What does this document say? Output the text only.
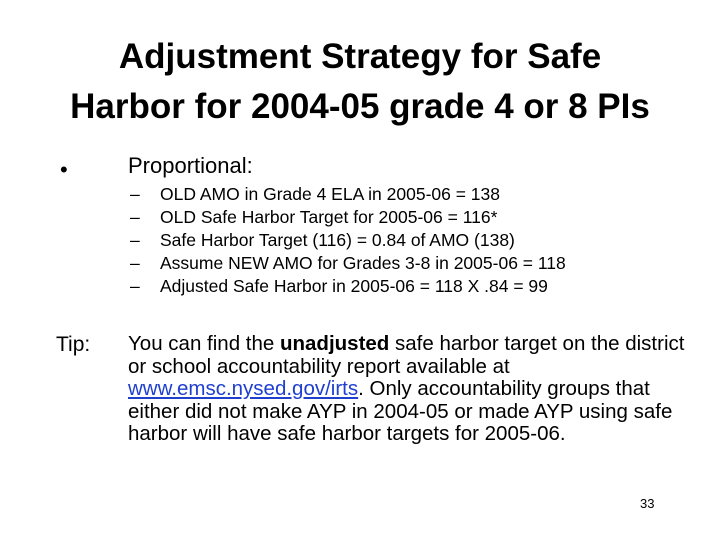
Adjustment Strategy for Safe
Harbor for 2004-05 grade 4 or 8 PIs
•	Proportional:
–	OLD AMO in Grade 4 ELA in 2005-06 = 138
–	OLD Safe Harbor Target for 2005-06 = 116*
–	Safe Harbor Target (116) = 0.84 of AMO (138)
–	Assume NEW AMO for Grades 3-8 in 2005-06 = 118
–	Adjusted Safe Harbor in 2005-06 = 118 X .84 = 99
Tip: You can find the unadjusted safe harbor target on the district or school accountability report available at www.emsc.nysed.gov/irts. Only accountability groups that either did not make AYP in 2004-05 or made AYP using safe harbor will have safe harbor targets for 2005-06.
33
